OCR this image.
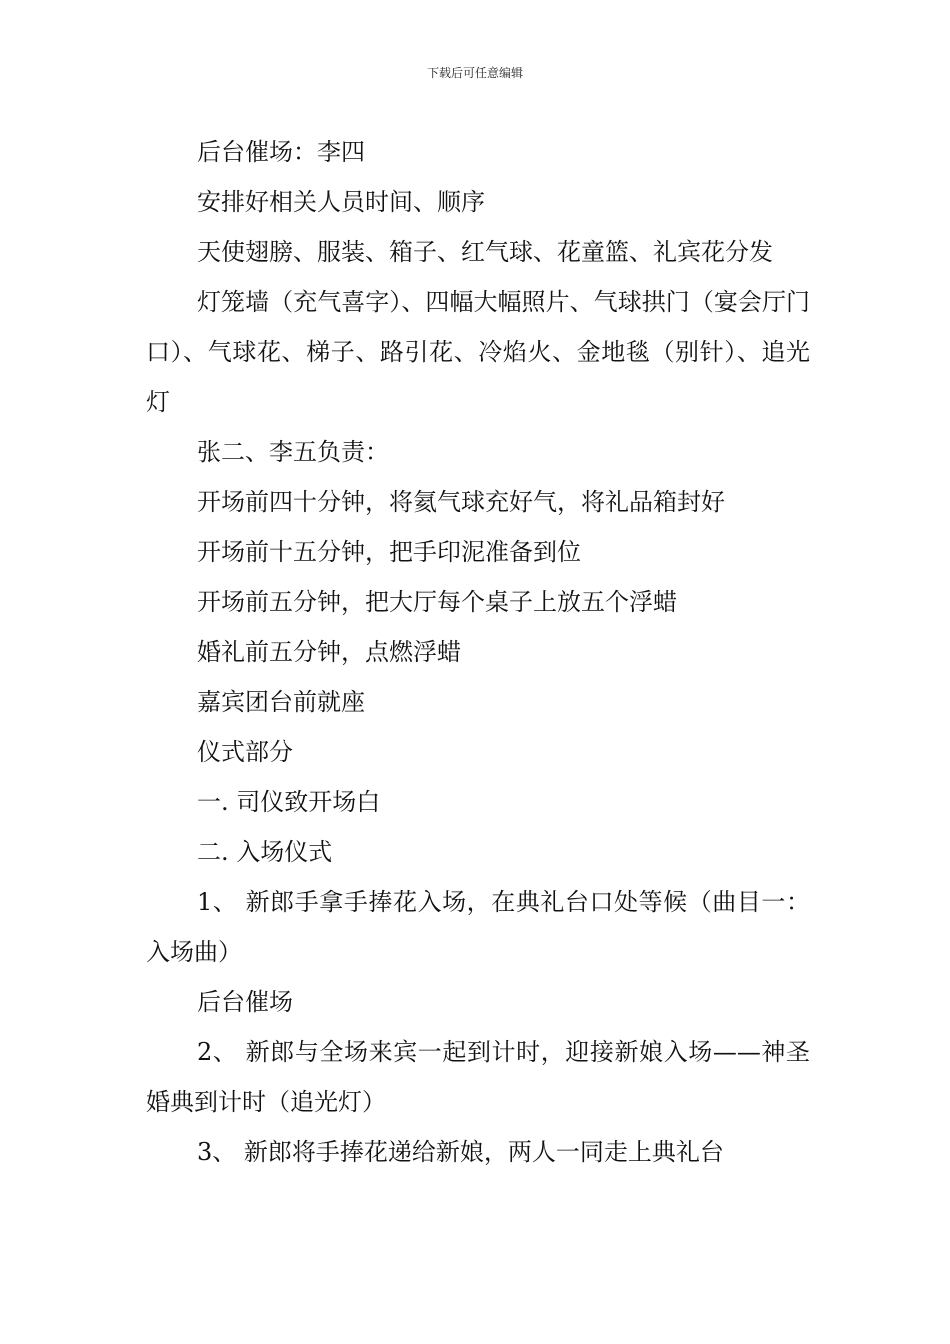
下载后可任意编辑

后台催场：李四

安排好相关人员时间、顺序

天使翅膀、服装、箱子、红气球、花童篮、礼宾花分发

灯笼墙（充气喜字）、四幅大幅照片、气球拱门（宴会厅门口）、气球花、梯子、路引花、冷焰火、金地毯（别针）、追光灯

张二、李五负责：

开场前四十分钟，将氦气球充好气，将礼品箱封好

开场前十五分钟，把手印泥准备到位

开场前五分钟，把大厅每个桌子上放五个浮蜡

婚礼前五分钟，点燃浮蜡

嘉宾团台前就座

仪式部分

一. 司仪致开场白

二. 入场仪式

1、 新郎手拿手捧花入场，在典礼台口处等候（曲目一：入场曲）

后台催场

2、 新郎与全场来宾一起到计时，迎接新娘入场——神圣婚典到计时（追光灯）

3、 新郎将手捧花递给新娘，两人一同走上典礼台
